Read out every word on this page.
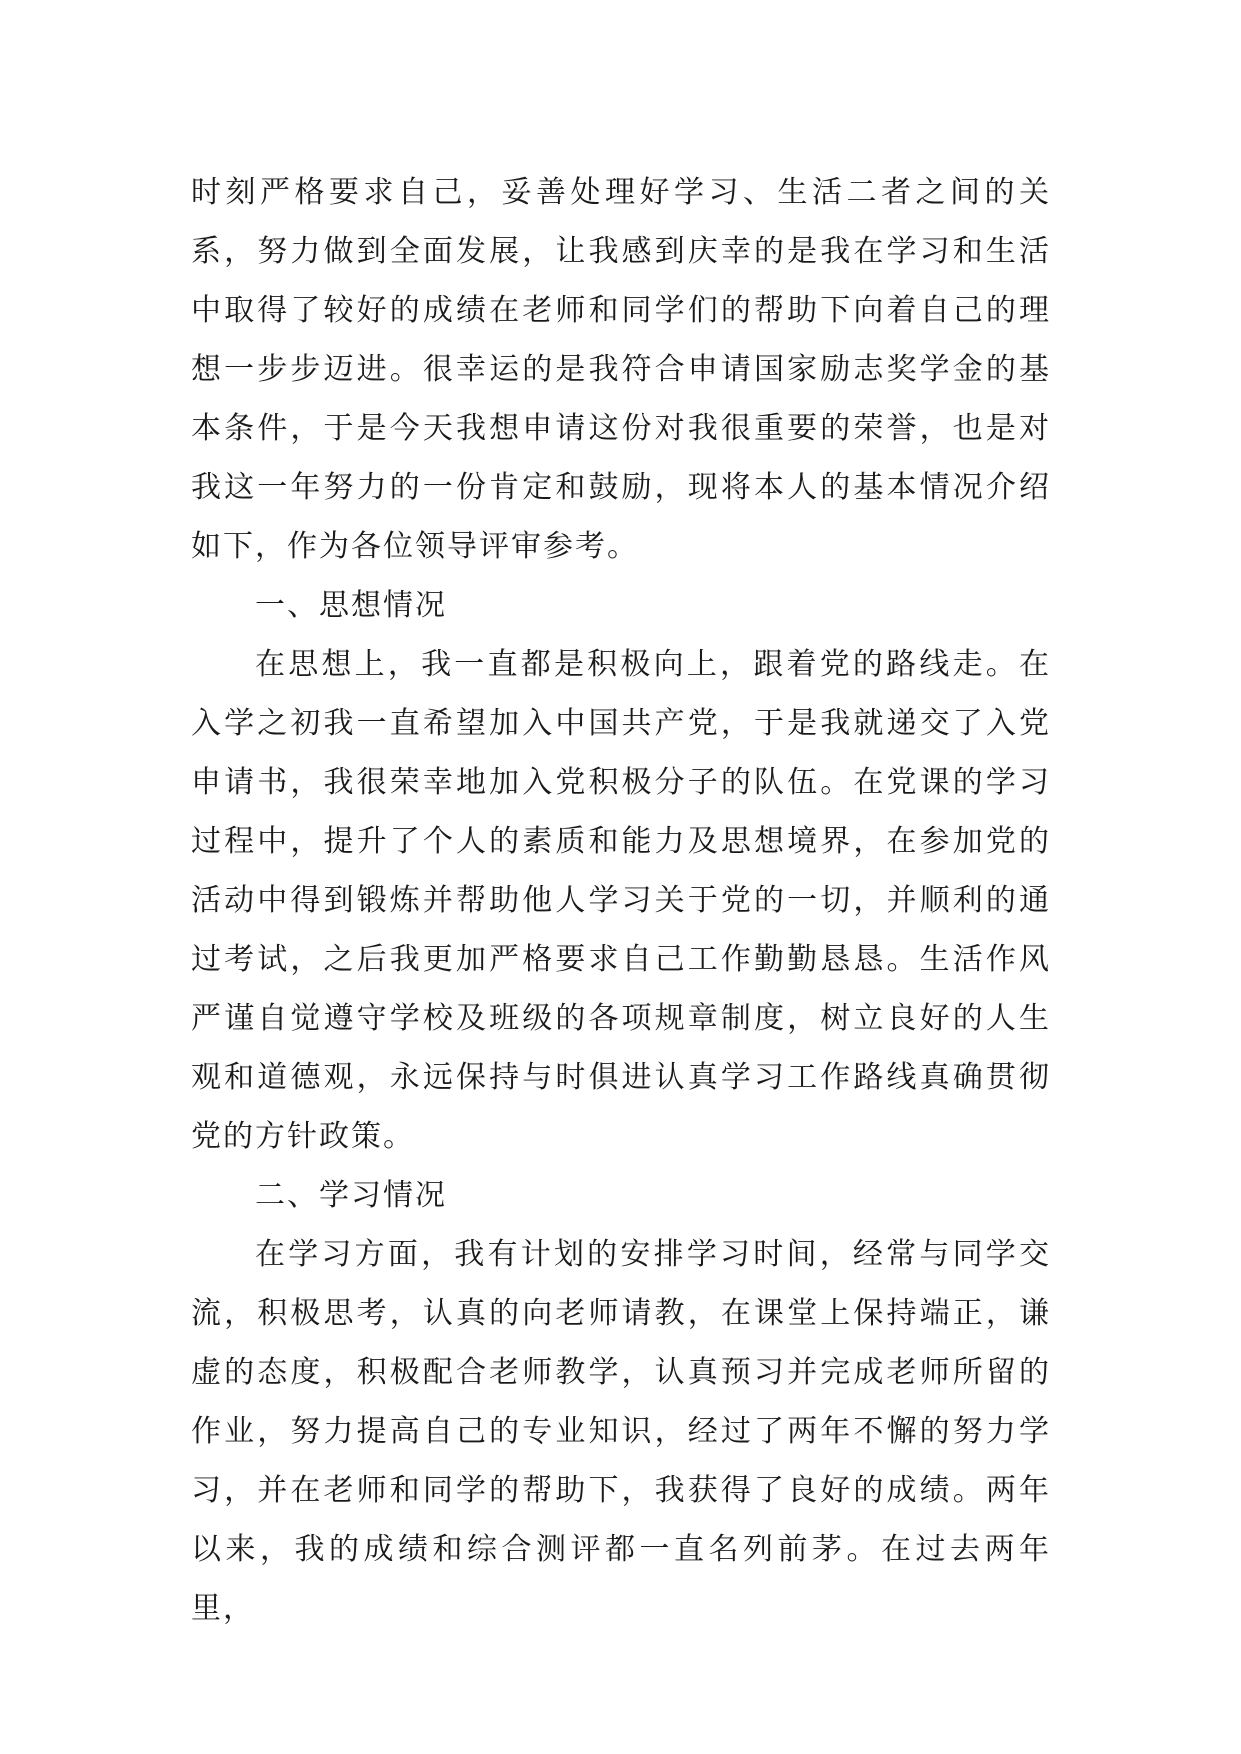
时刻严格要求自己，妥善处理好学习、生活二者之间的关系，努力做到全面发展，让我感到庆幸的是我在学习和生活中取得了较好的成绩在老师和同学们的帮助下向着自己的理想一步步迈进。很幸运的是我符合申请国家励志奖学金的基本条件，于是今天我想申请这份对我很重要的荣誉，也是对我这一年努力的一份肯定和鼓励，现将本人的基本情况介绍如下，作为各位领导评审参考。

一、思想情况

在思想上，我一直都是积极向上，跟着党的路线走。在入学之初我一直希望加入中国共产党，于是我就递交了入党申请书，我很荣幸地加入党积极分子的队伍。在党课的学习过程中，提升了个人的素质和能力及思想境界，在参加党的活动中得到锻炼并帮助他人学习关于党的一切，并顺利的通过考试，之后我更加严格要求自己工作勤勤恳恳。生活作风严谨自觉遵守学校及班级的各项规章制度，树立良好的人生观和道德观，永远保持与时俱进认真学习工作路线真确贯彻党的方针政策。

二、学习情况

在学习方面，我有计划的安排学习时间，经常与同学交流，积极思考，认真的向老师请教，在课堂上保持端正，谦虚的态度，积极配合老师教学，认真预习并完成老师所留的作业，努力提高自己的专业知识，经过了两年不懈的努力学习，并在老师和同学的帮助下，我获得了良好的成绩。两年以来，我的成绩和综合测评都一直名列前茅。在过去两年里，
